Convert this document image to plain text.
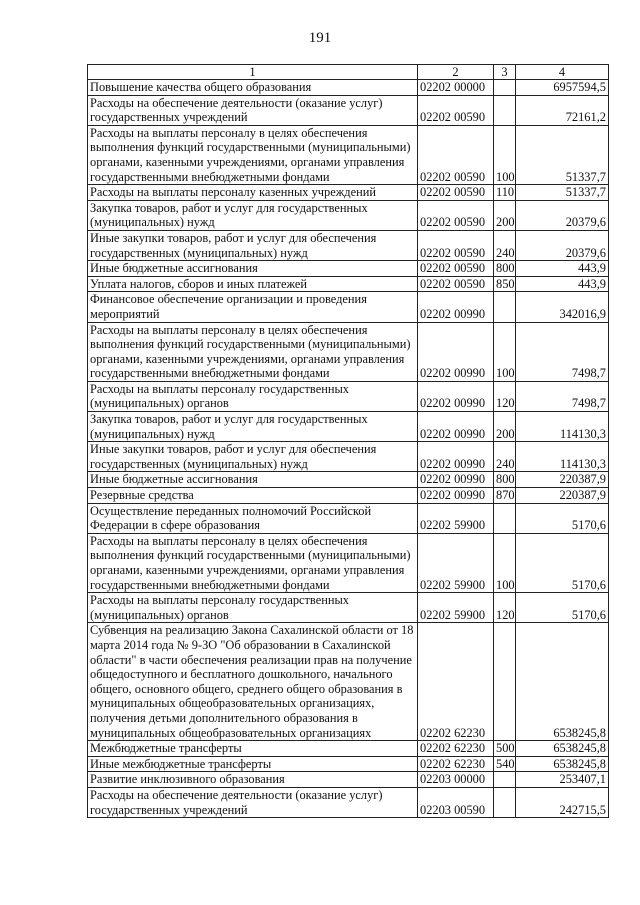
191
1	2	3	4
Повышение качества общего образования	02202 00000		6957594,5
Расходы на обеспечение деятельности (оказание услуг) государственных учреждений	02202 00590		72161,2
Расходы на выплаты персоналу в целях обеспечения выполнения функций государственными (муниципальными) органами, казенными учреждениями, органами управления государственными внебюджетными фондами	02202 00590	100	51337,7
Расходы на выплаты персоналу казенных учреждений	02202 00590	110	51337,7
Закупка товаров, работ и услуг для государственных (муниципальных) нужд	02202 00590	200	20379,6
Иные закупки товаров, работ и услуг для обеспечения государственных (муниципальных) нужд	02202 00590	240	20379,6
Иные бюджетные ассигнования	02202 00590	800	443,9
Уплата налогов, сборов и иных платежей	02202 00590	850	443,9
Финансовое обеспечение организации и проведения мероприятий	02202 00990		342016,9
Расходы на выплаты персоналу в целях обеспечения выполнения функций государственными (муниципальными) органами, казенными учреждениями, органами управления государственными внебюджетными фондами	02202 00990	100	7498,7
Расходы на выплаты персоналу государственных (муниципальных) органов	02202 00990	120	7498,7
Закупка товаров, работ и услуг для государственных (муниципальных) нужд	02202 00990	200	114130,3
Иные закупки товаров, работ и услуг для обеспечения государственных (муниципальных) нужд	02202 00990	240	114130,3
Иные бюджетные ассигнования	02202 00990	800	220387,9
Резервные средства	02202 00990	870	220387,9
Осуществление переданных полномочий Российской Федерации в сфере образования	02202 59900		5170,6
Расходы на выплаты персоналу в целях обеспечения выполнения функций государственными (муниципальными) органами, казенными учреждениями, органами управления государственными внебюджетными фондами	02202 59900	100	5170,6
Расходы на выплаты персоналу государственных (муниципальных) органов	02202 59900	120	5170,6
Субвенция на реализацию Закона Сахалинской области от 18 марта 2014 года № 9-ЗО "Об образовании в Сахалинской области" в части обеспечения реализации прав на получение общедоступного и бесплатного дошкольного, начального общего, основного общего, среднего общего образования в муниципальных общеобразовательных организациях, получения детьми дополнительного образования в муниципальных общеобразовательных организациях	02202 62230		6538245,8
Межбюджетные трансферты	02202 62230	500	6538245,8
Иные межбюджетные трансферты	02202 62230	540	6538245,8
Развитие инклюзивного образования	02203 00000		253407,1
Расходы на обеспечение деятельности (оказание услуг) государственных учреждений	02203 00590		242715,5
